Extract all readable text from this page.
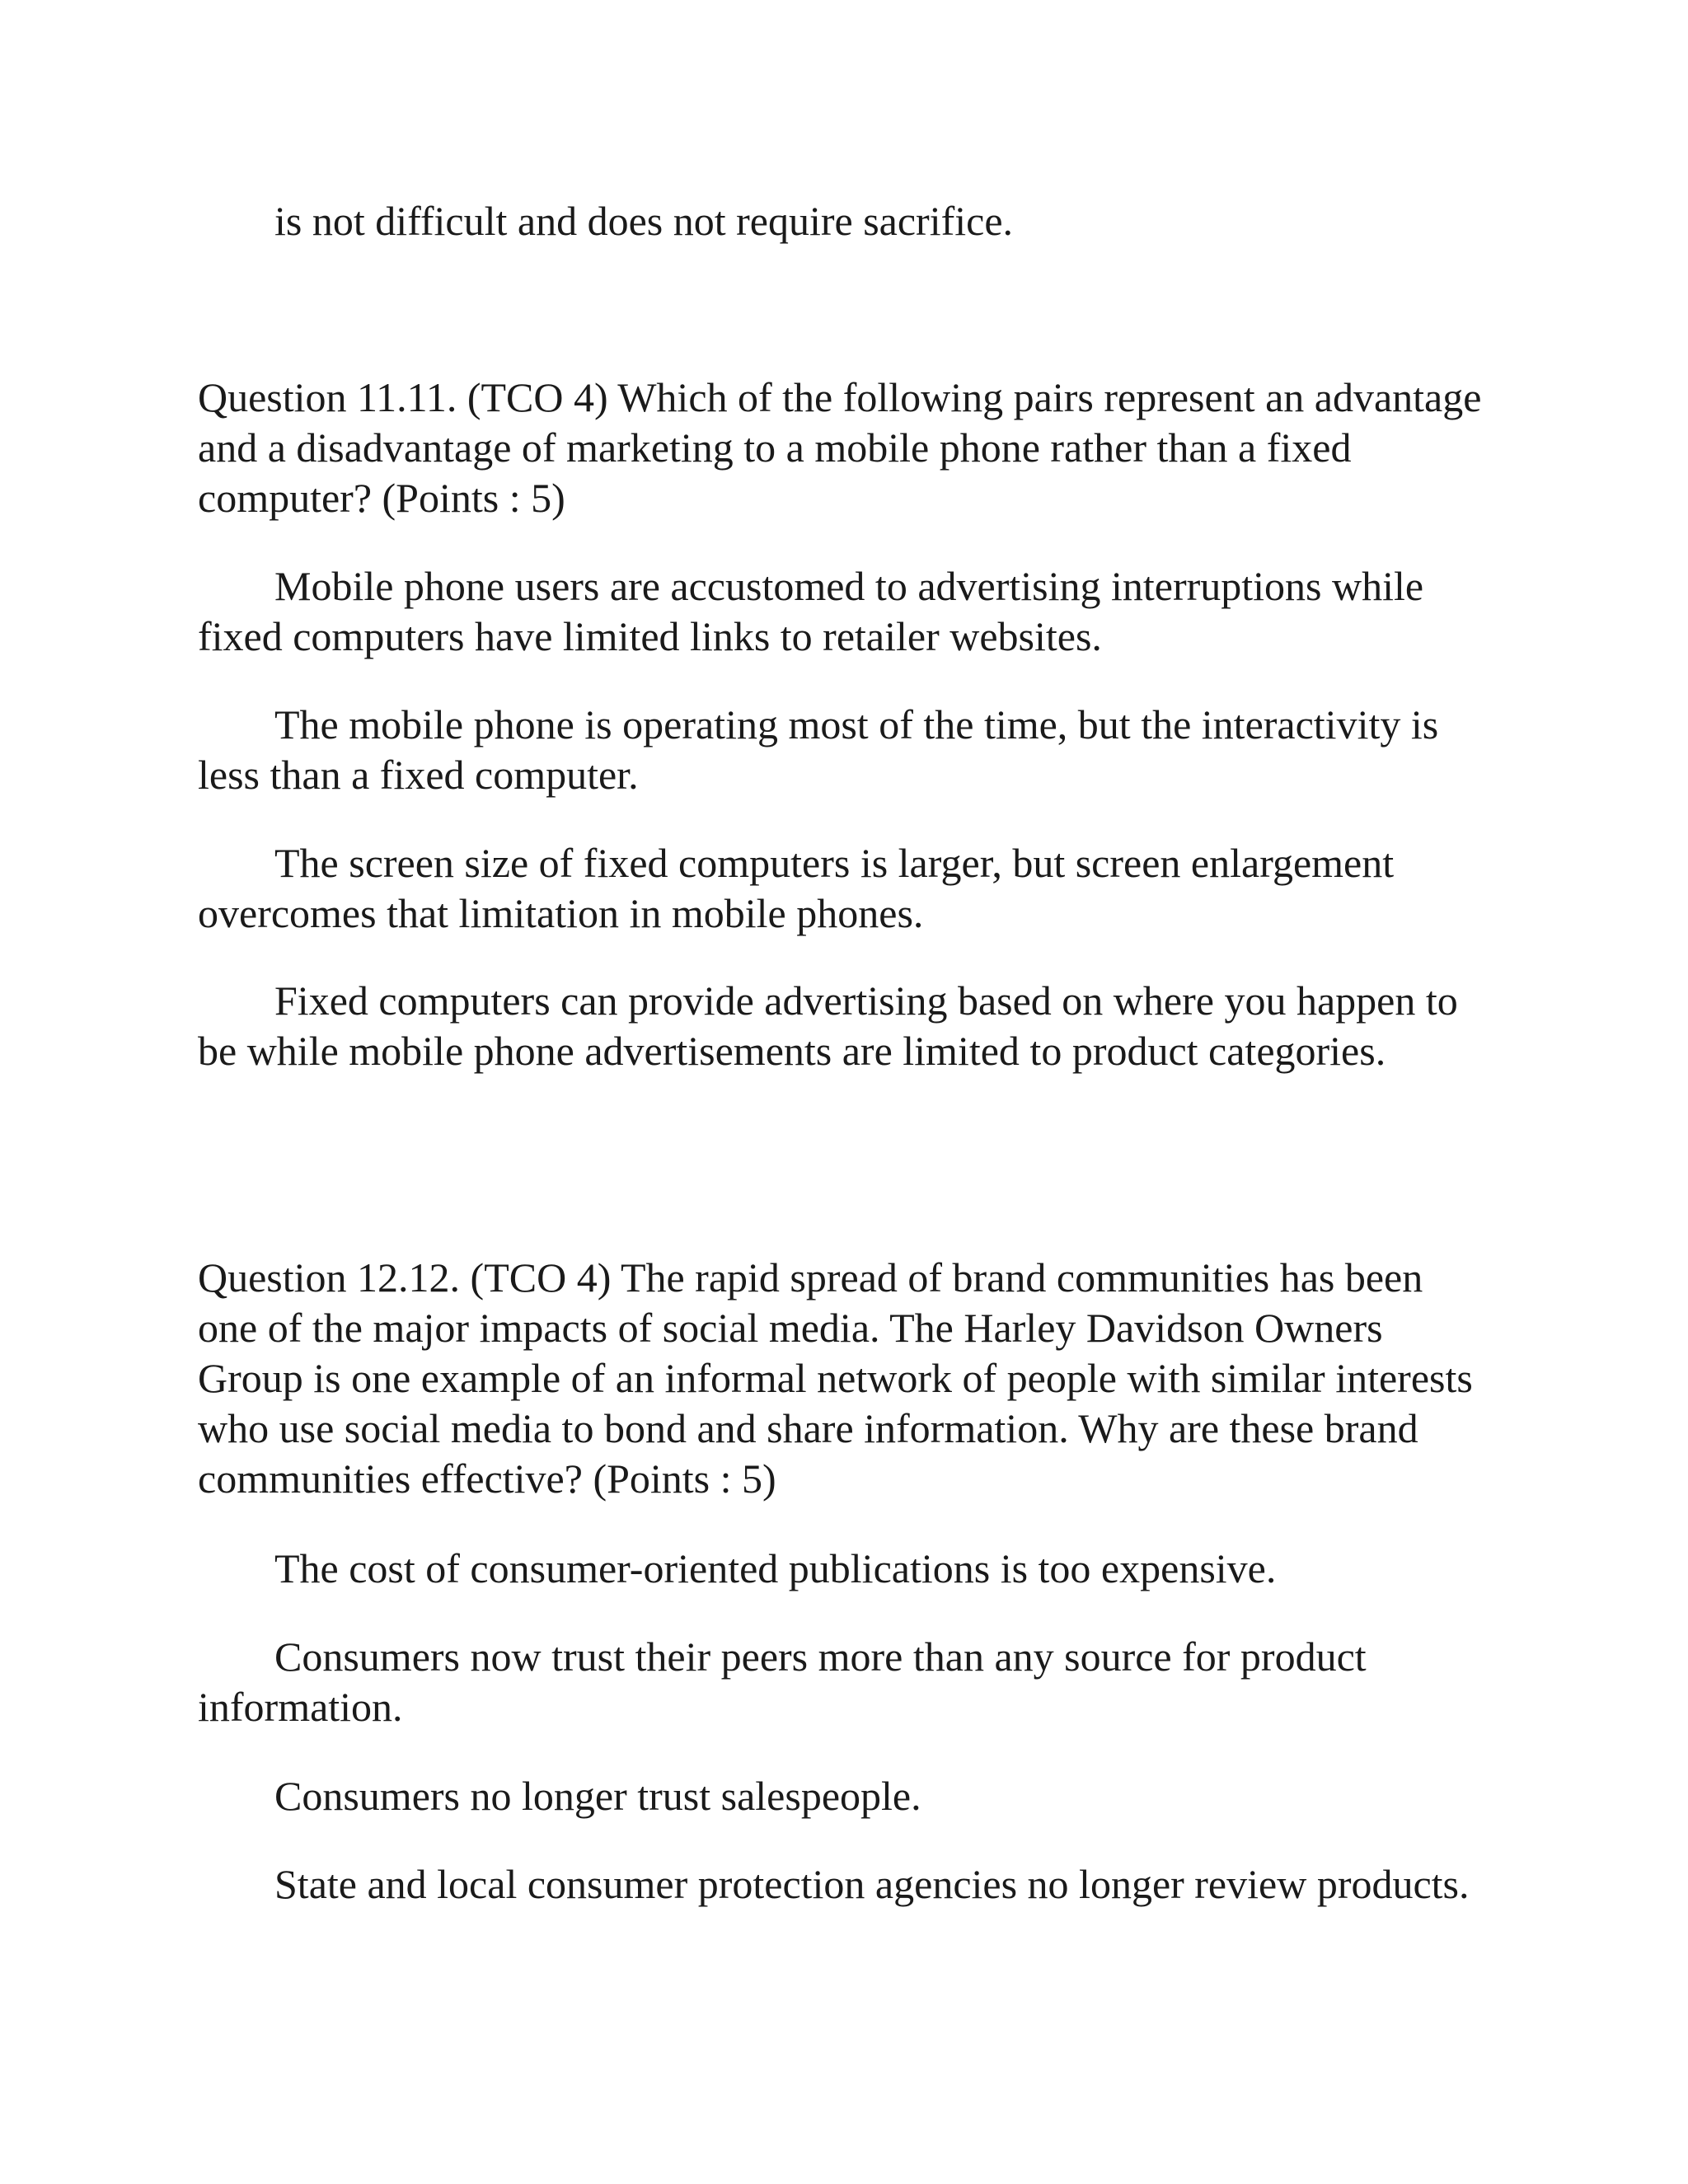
is not difficult and does not require sacrifice.

Question 11.11. (TCO 4) Which of the following pairs represent an advantage and a disadvantage of marketing to a mobile phone rather than a fixed computer? (Points : 5)

Mobile phone users are accustomed to advertising interruptions while fixed computers have limited links to retailer websites.

The mobile phone is operating most of the time, but the interactivity is less than a fixed computer.

The screen size of fixed computers is larger, but screen enlargement overcomes that limitation in mobile phones.

Fixed computers can provide advertising based on where you happen to be while mobile phone advertisements are limited to product categories.

Question 12.12. (TCO 4) The rapid spread of brand communities has been one of the major impacts of social media. The Harley Davidson Owners Group is one example of an informal network of people with similar interests who use social media to bond and share information. Why are these brand communities effective? (Points : 5)

The cost of consumer-oriented publications is too expensive.

Consumers now trust their peers more than any source for product information.

Consumers no longer trust salespeople.

State and local consumer protection agencies no longer review products.
